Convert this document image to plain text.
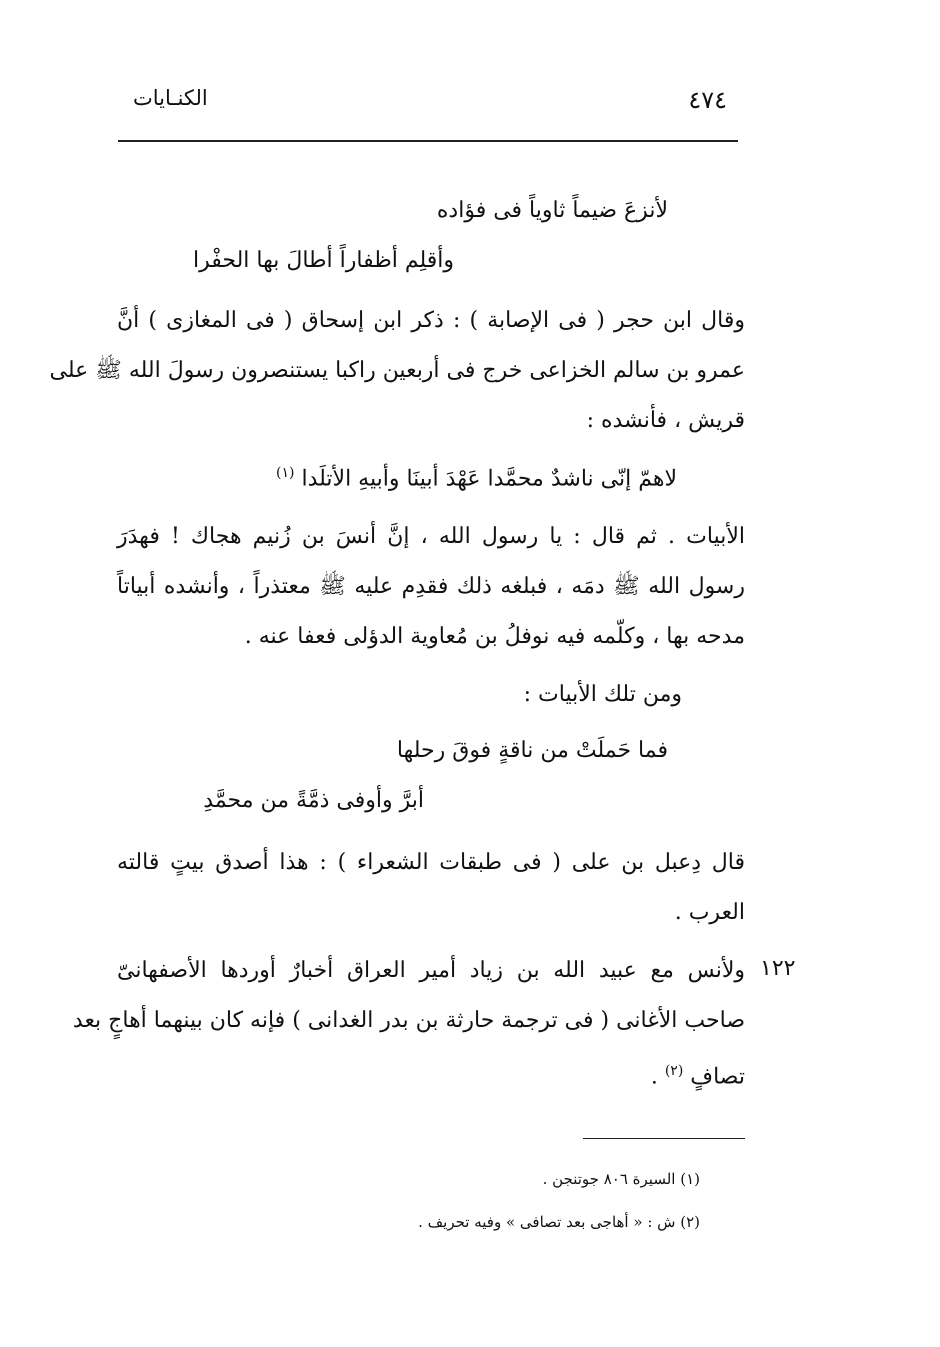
الكنـايات	٤٧٤
لأنزعَ ضيماً ثاوياً فى فؤاده
وأقلِم أظفاراً أطالَ بها الحفْرا
وقال ابن حجر ( فى الإصابة ) : ذكر ابن إسحاق ( فى المغازى ) أنَّ
عمرو بن سالم الخزاعى خرج فى أربعين راكبا يستنصرون رسولَ الله ﷺ على
قريش ، فأنشده :
لاهمّ إنّى ناشدٌ محمَّدا عَهْدَ أبينَا وأبيهِ الأتلَدا $^{(١)}$
الأبيات . ثم قال : يا رسول الله ، إنَّ أنسَ بن زُنيم هجاك ! فهدَرَ
رسول الله ﷺ دمَه ، فبلغه ذلك فقدِم عليه ﷺ معتذراً ، وأنشده أبياتاً
مدحه بها ، وكلّمه فيه نوفلُ بن مُعاوية الدؤلى فعفا عنه .
ومن تلك الأبيات :
فما حَملَتْ من ناقةٍ فوقَ رحلها
أبرَّ وأوفى ذمَّةً من محمَّدِ
قال دِعبل بن على ( فى طبقات الشعراء ) : هذا أصدق بيتٍ قالته
العرب .
١٢٢
ولأنس مع عبيد الله بن زياد أمير العراق أخبارٌ أوردها الأصفهانىّ
صاحب الأغانى ( فى ترجمة حارثة بن بدر الغدانى ) فإنه كان بينهما أهاجٍ بعد
تصافٍ $^{(٢)}$ .
(١) السيرة ٨٠٦ جوتنجن .
(٢) ش : « أهاجى بعد تصافى » وفيه تحريف .
